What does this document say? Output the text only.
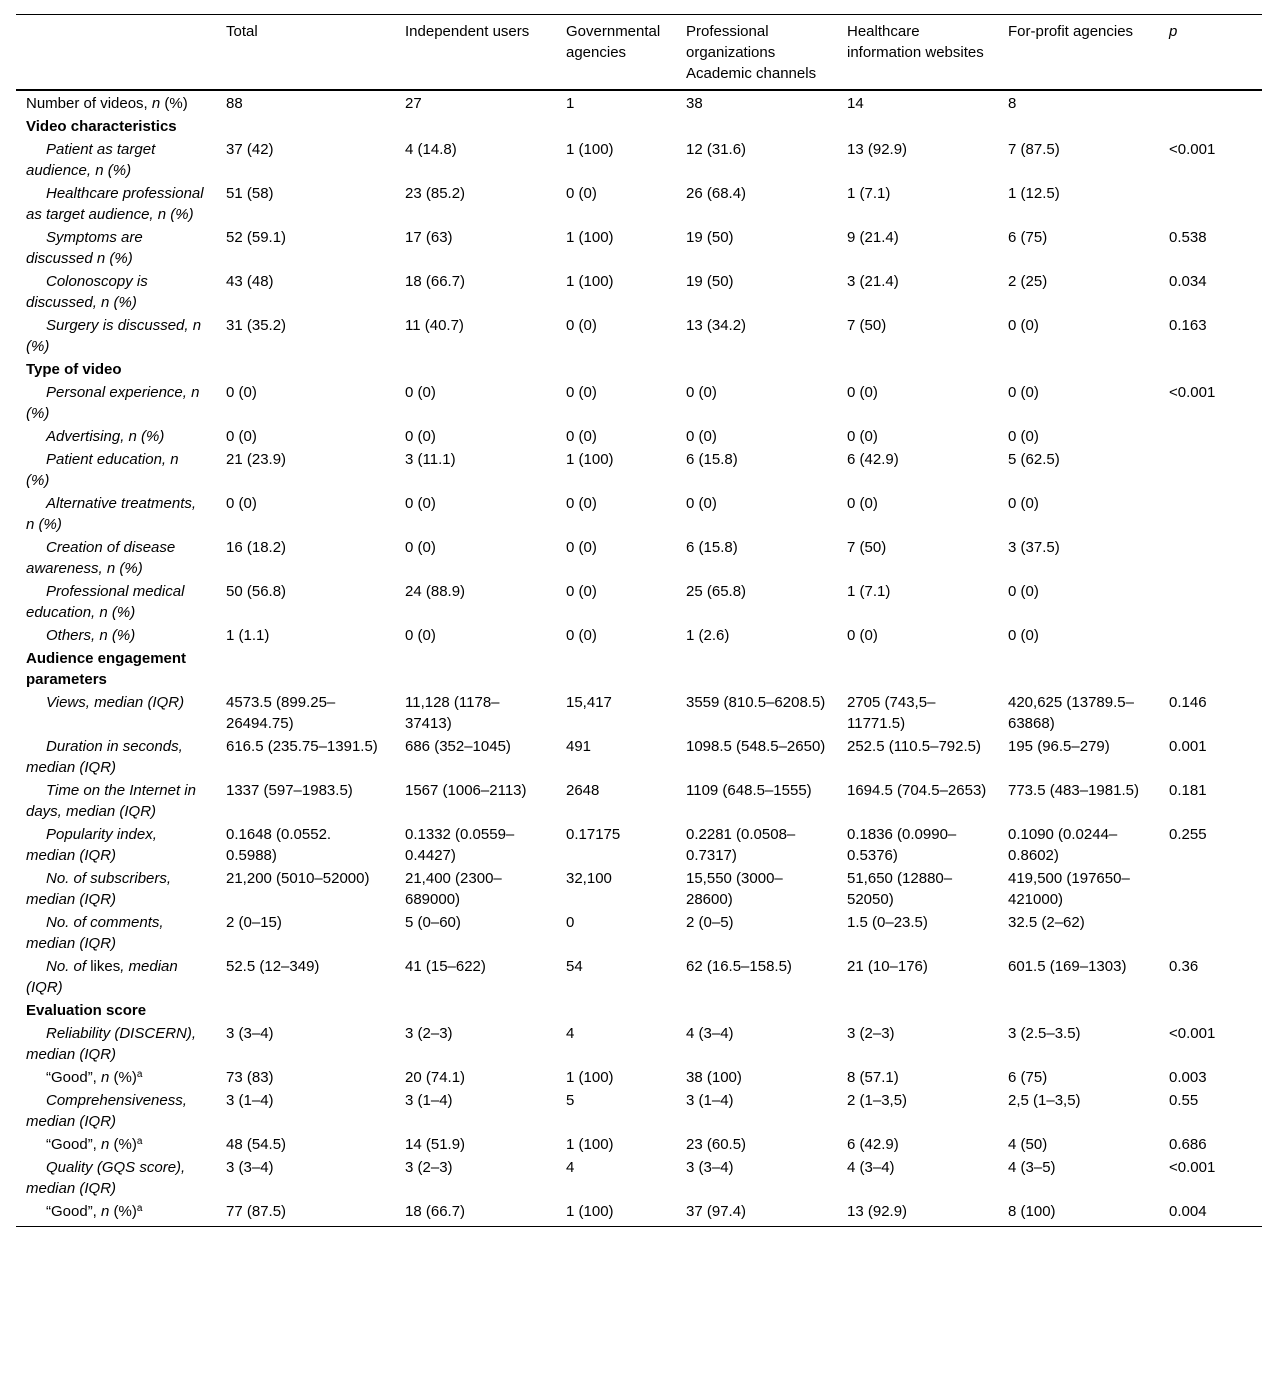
	Total	Independent users	Governmental agencies	Professional organizations Academic channels	Healthcare information websites	For-profit agencies	p
Number of videos, n (%)	88	27	1	38	14	8	
Video characteristics							
Patient as target audience, n (%)	37 (42)	4 (14.8)	1 (100)	12 (31.6)	13 (92.9)	7 (87.5)	<0.001
Healthcare professional as target audience, n (%)	51 (58)	23 (85.2)	0 (0)	26 (68.4)	1 (7.1)	1 (12.5)	
Symptoms are discussed n (%)	52 (59.1)	17 (63)	1 (100)	19 (50)	9 (21.4)	6 (75)	0.538
Colonoscopy is discussed, n (%)	43 (48)	18 (66.7)	1 (100)	19 (50)	3 (21.4)	2 (25)	0.034
Surgery is discussed, n (%)	31 (35.2)	11 (40.7)	0 (0)	13 (34.2)	7 (50)	0 (0)	0.163
Type of video							
Personal experience, n (%)	0 (0)	0 (0)	0 (0)	0 (0)	0 (0)	0 (0)	<0.001
Advertising, n (%)	0 (0)	0 (0)	0 (0)	0 (0)	0 (0)	0 (0)	
Patient education, n (%)	21 (23.9)	3 (11.1)	1 (100)	6 (15.8)	6 (42.9)	5 (62.5)	
Alternative treatments, n (%)	0 (0)	0 (0)	0 (0)	0 (0)	0 (0)	0 (0)	
Creation of disease awareness, n (%)	16 (18.2)	0 (0)	0 (0)	6 (15.8)	7 (50)	3 (37.5)	
Professional medical education, n (%)	50 (56.8)	24 (88.9)	0 (0)	25 (65.8)	1 (7.1)	0 (0)	
Others, n (%)	1 (1.1)	0 (0)	0 (0)	1 (2.6)	0 (0)	0 (0)	
Audience engagement parameters							
Views, median (IQR)	4573.5 (899.25–26494.75)	11,128 (1178–37413)	15,417	3559 (810.5–6208.5)	2705 (743,5–11771.5)	420,625 (13789.5–63868)	0.146
Duration in seconds, median (IQR)	616.5 (235.75–1391.5)	686 (352–1045)	491	1098.5 (548.5–2650)	252.5 (110.5–792.5)	195 (96.5–279)	0.001
Time on the Internet in days, median (IQR)	1337 (597–1983.5)	1567 (1006–2113)	2648	1109 (648.5–1555)	1694.5 (704.5–2653)	773.5 (483–1981.5)	0.181
Popularity index, median (IQR)	0.1648 (0.0552. 0.5988)	0.1332 (0.0559–0.4427)	0.17175	0.2281 (0.0508–0.7317)	0.1836 (0.0990–0.5376)	0.1090 (0.0244–0.8602)	0.255
No. of subscribers, median (IQR)	21,200 (5010–52000)	21,400 (2300–689000)	32,100	15,550 (3000–28600)	51,650 (12880–52050)	419,500 (197650–421000)	
No. of comments, median (IQR)	2 (0–15)	5 (0–60)	0	2 (0–5)	1.5 (0–23.5)	32.5 (2–62)	
No. of likes, median (IQR)	52.5 (12–349)	41 (15–622)	54	62 (16.5–158.5)	21 (10–176)	601.5 (169–1303)	0.36
Evaluation score							
Reliability (DISCERN), median (IQR)	3 (3–4)	3 (2–3)	4	4 (3–4)	3 (2–3)	3 (2.5–3.5)	<0.001
“Good”, n (%)$^a$	73 (83)	20 (74.1)	1 (100)	38 (100)	8 (57.1)	6 (75)	0.003
Comprehensiveness, median (IQR)	3 (1–4)	3 (1–4)	5	3 (1–4)	2 (1–3,5)	2,5 (1–3,5)	0.55
“Good”, n (%)$^a$	48 (54.5)	14 (51.9)	1 (100)	23 (60.5)	6 (42.9)	4 (50)	0.686
Quality (GQS score), median (IQR)	3 (3–4)	3 (2–3)	4	3 (3–4)	4 (3–4)	4 (3–5)	<0.001
“Good”, n (%)$^a$	77 (87.5)	18 (66.7)	1 (100)	37 (97.4)	13 (92.9)	8 (100)	0.004
